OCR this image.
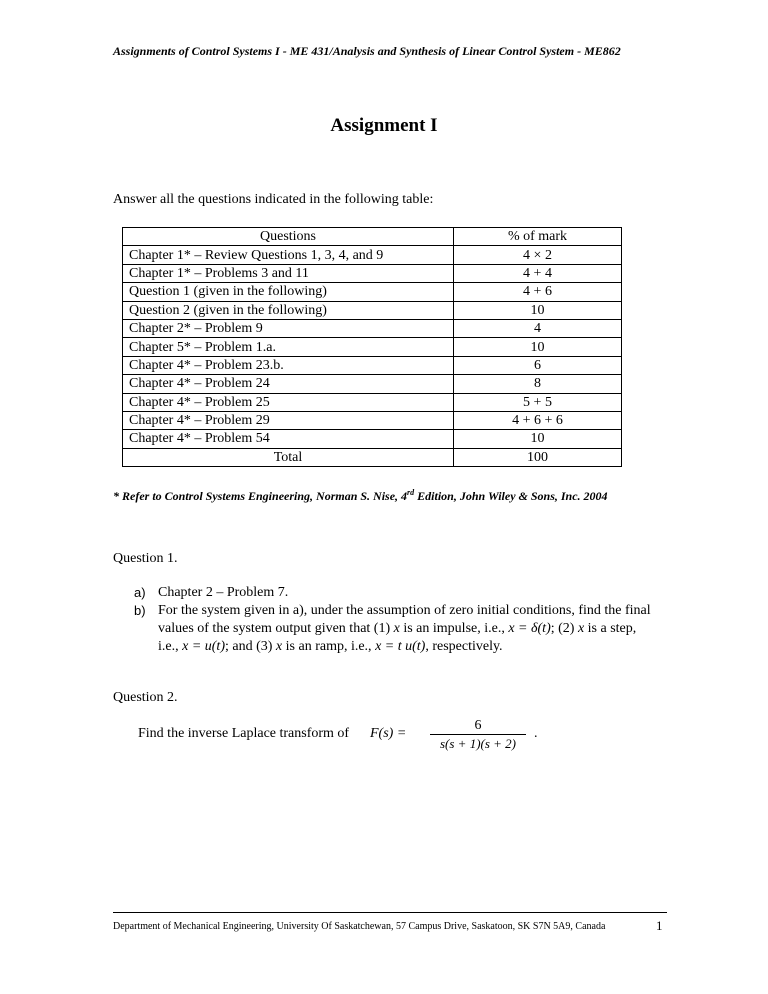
Assignments of Control Systems I - ME 431/Analysis and Synthesis of Linear Control System - ME862
Assignment I
Answer all the questions indicated in the following table:
Questions	% of mark
Chapter 1* – Review Questions 1, 3, 4, and 9	4 × 2
Chapter 1* – Problems 3 and 11	4 + 4
Question 1 (given in the following)	4 + 6
Question 2 (given in the following)	10
Chapter 2* – Problem 9	4
Chapter 5* – Problem 1.a.	10
Chapter 4* – Problem 23.b.	6
Chapter 4* – Problem 24	8
Chapter 4* – Problem 25	5 + 5
Chapter 4* – Problem 29	4 + 6 + 6
Chapter 4* – Problem 54	10
Total	100
* Refer to Control Systems Engineering, Norman S. Nise, 4rd Edition, John Wiley & Sons, Inc. 2004
Question 1.
a) Chapter 2 – Problem 7.
b) For the system given in a), under the assumption of zero initial conditions, find the final values of the system output given that (1) x is an impulse, i.e., x = δ(t); (2) x is a step, i.e., x = u(t); and (3) x is an ramp, i.e., x = t u(t), respectively.
Question 2.
Find the inverse Laplace transform of F(s) =
6
s(s + 1)(s + 2)
.
Department of Mechanical Engineering, University Of Saskatchewan, 57 Campus Drive, Saskatoon, SK S7N 5A9, Canada	1
